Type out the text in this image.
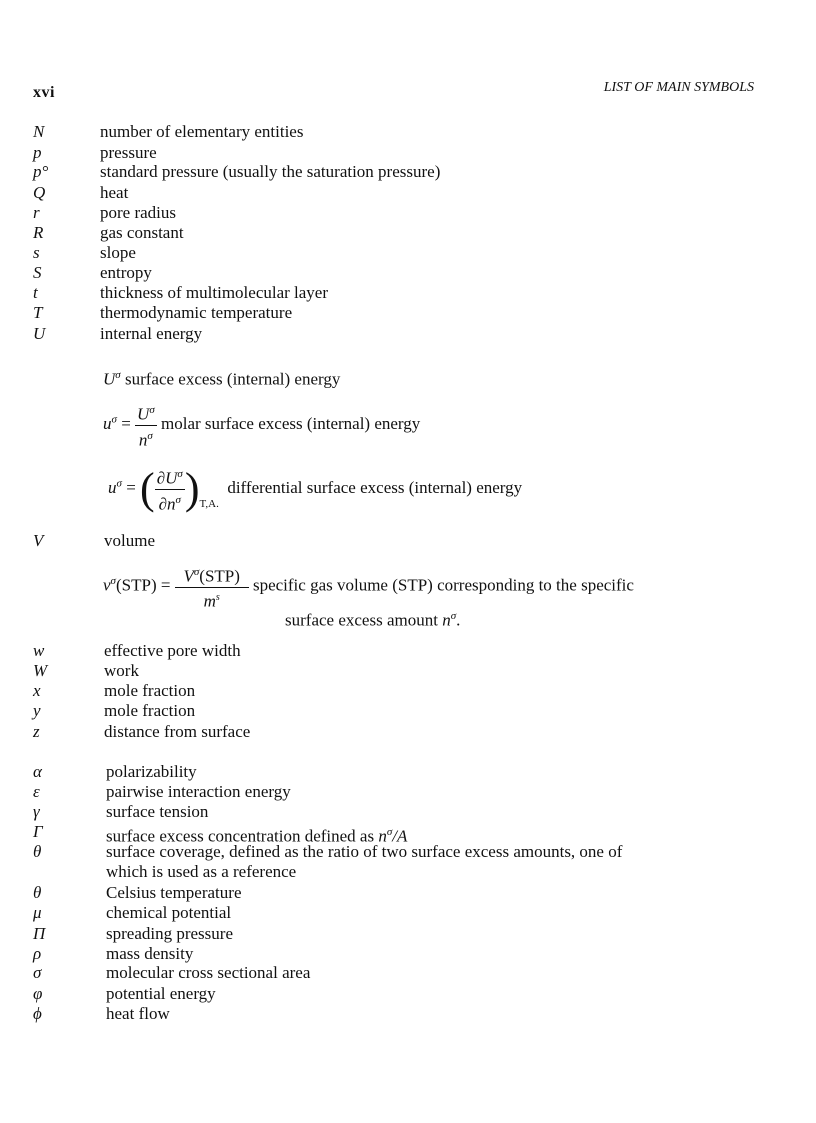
xvi	LIST OF MAIN SYMBOLS
N	number of elementary entities
p	pressure
p°	standard pressure (usually the saturation pressure)
Q	heat
r	pore radius
R	gas constant
s	slope
S	entropy
t	thickness of multimolecular layer
T	thermodynamic temperature
U	internal energy
$U^\sigma$ surface excess (internal) energy
$u^\sigma = \frac{U^\sigma}{n^\sigma}$ molar surface excess (internal) energy
$u^\sigma$ = ( $\frac{\partial U^\sigma}{\partial n^\sigma} )_{T,A.}$  differential surface excess (internal) energy
V	volume
$v^\sigma(STP) = \frac{V^\sigma(STP)}{m^s}$ specific gas volume (STP) corresponding to the specific
surface excess amount $n^\sigma$.
w	effective pore width
W	work
x	mole fraction
y	mole fraction
z	distance from surface
α	polarizability
ε	pairwise interaction energy
γ	surface tension
Γ	surface excess concentration defined as $n^\sigma/A$
θ	surface coverage, defined as the ratio of two surface excess amounts, one of
which is used as a reference
θ	Celsius temperature
μ	chemical potential
Π	spreading pressure
ρ	mass density
σ	molecular cross sectional area
φ	potential energy
ϕ	heat flow
